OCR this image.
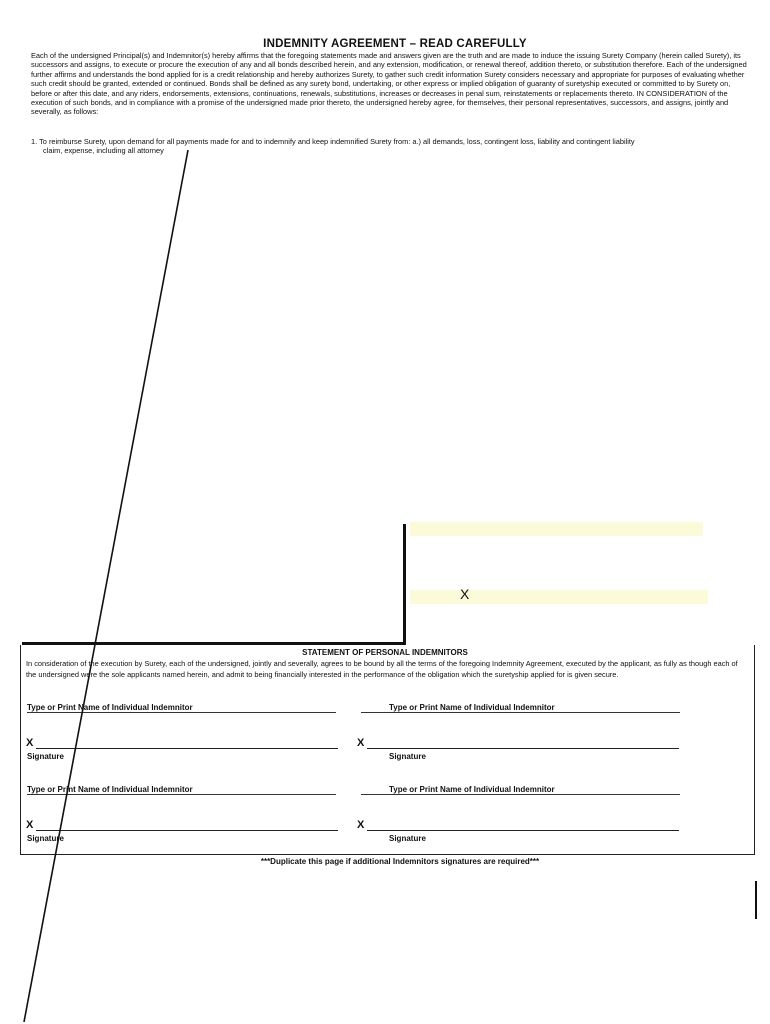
INDEMNITY AGREEMENT – READ CAREFULLY
Each of the undersigned Principal(s) and Indemnitor(s) hereby affirms that the foregoing statements made and answers given are the truth and are made to induce the issuing Surety Company (herein called Surety), its successors and assigns, to execute or procure the execution of any and all bonds described herein, and any extension, modification, or renewal thereof, addition thereto, or substitution therefore. Each of the undersigned further affirms and understands the bond applied for is a credit relationship and hereby authorizes Surety, to gather such credit information Surety considers necessary and appropriate for purposes of evaluating whether such credit should be granted, extended or continued. Bonds shall be defined as any surety bond, undertaking, or other express or implied obligation of guaranty of suretyship executed or committed to by Surety on, before or after this date, and any riders, endorsements, extensions, continuations, renewals, substitutions, increases or decreases in penal sum, reinstatements or replacements thereto. IN CONSIDERATION of the execution of such bonds, and in compliance with a promise of the undersigned made prior thereto, the undersigned hereby agree, for themselves, their personal representatives, successors, and assigns, jointly and severally, as follows:
1. To reimburse Surety, upon demand for all payments made for and to indemnify and keep indemnified Surety from: a.) all demands, loss, contingent loss, liability and contingent liability
claim, expense, including all attorney
X
STATEMENT OF PERSONAL INDEMNITORS
In consideration of the execution by Surety, each of the undersigned, jointly and severally, agrees to be bound by all the terms of the foregoing Indemnity Agreement, executed by the applicant, as fully as though each of the undersigned were the sole applicants named herein, and admit to being financially interested in the performance of the obligation which the suretyship applied for is given secure.
Type or Print Name of Individual Indemnitor	Type or Print Name of Individual Indemnitor
X	X
Signature	Signature
Type or Print Name of Individual Indemnitor	Type or Print Name of Individual Indemnitor
X	X
Signature	Signature
***Duplicate this page if additional Indemnitors signatures are required***
